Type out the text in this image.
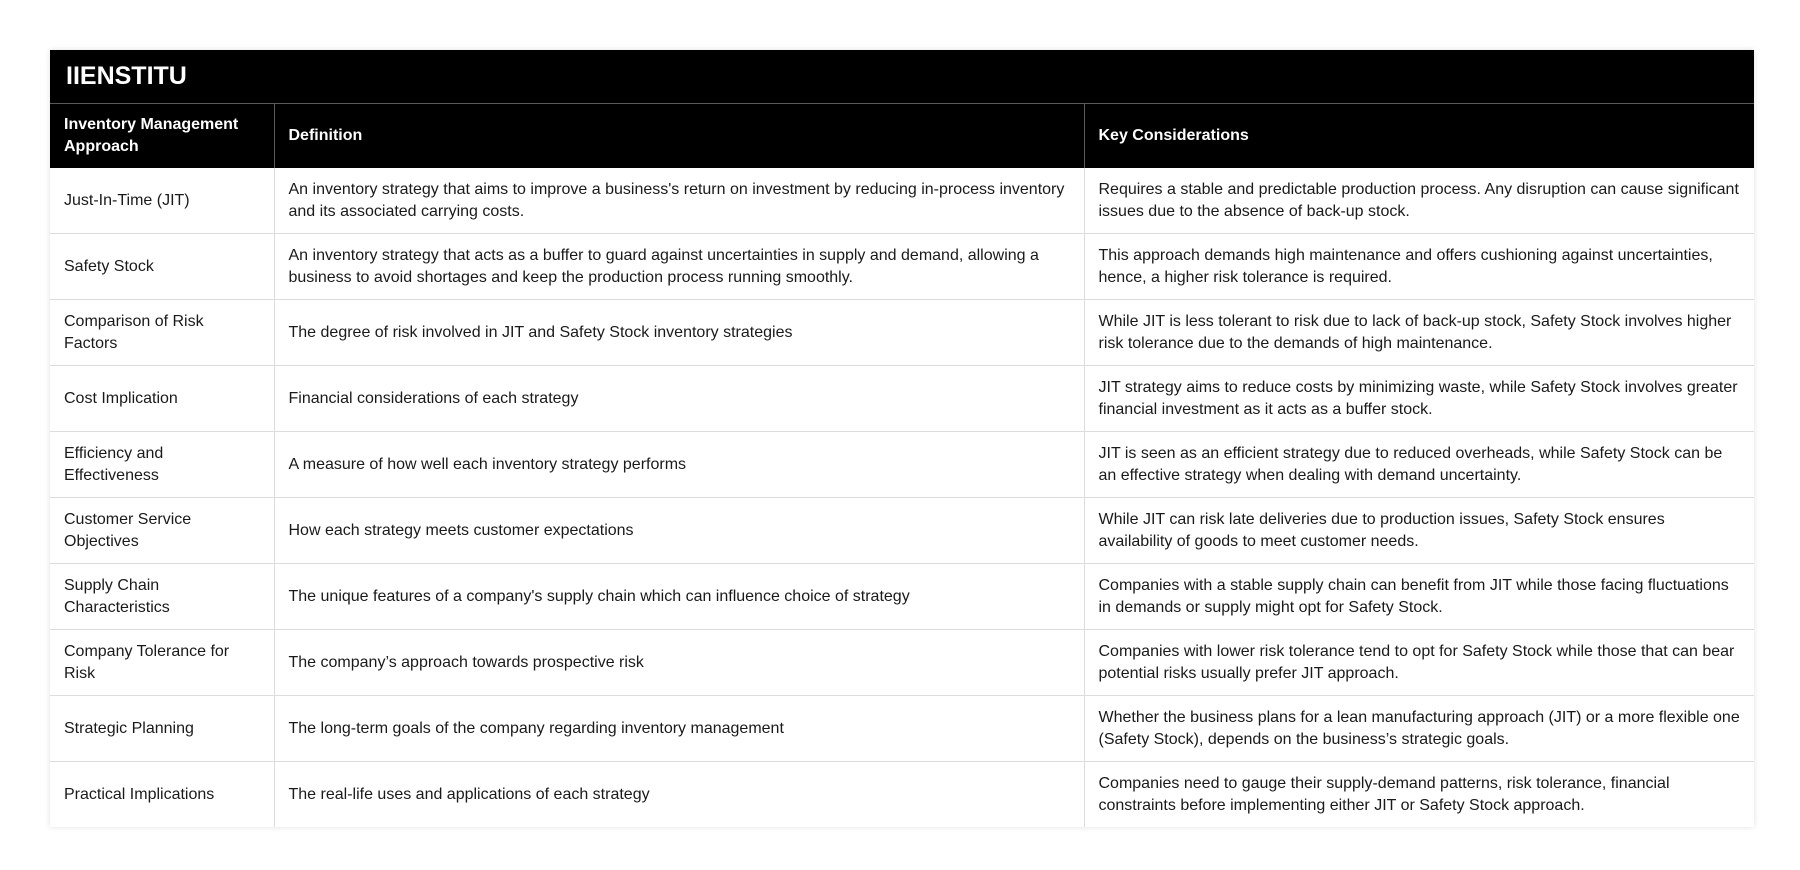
IIENSTITU
Inventory Management Approach	Definition	Key Considerations
Just-In-Time (JIT)	An inventory strategy that aims to improve a business's return on investment by reducing in-process inventory and its associated carrying costs.	Requires a stable and predictable production process. Any disruption can cause significant issues due to the absence of back-up stock.
Safety Stock	An inventory strategy that acts as a buffer to guard against uncertainties in supply and demand, allowing a business to avoid shortages and keep the production process running smoothly.	This approach demands high maintenance and offers cushioning against uncertainties, hence, a higher risk tolerance is required.
Comparison of Risk Factors	The degree of risk involved in JIT and Safety Stock inventory strategies	While JIT is less tolerant to risk due to lack of back-up stock, Safety Stock involves higher risk tolerance due to the demands of high maintenance.
Cost Implication	Financial considerations of each strategy	JIT strategy aims to reduce costs by minimizing waste, while Safety Stock involves greater financial investment as it acts as a buffer stock.
Efficiency and Effectiveness	A measure of how well each inventory strategy performs	JIT is seen as an efficient strategy due to reduced overheads, while Safety Stock can be an effective strategy when dealing with demand uncertainty.
Customer Service Objectives	How each strategy meets customer expectations	While JIT can risk late deliveries due to production issues, Safety Stock ensures availability of goods to meet customer needs.
Supply Chain Characteristics	The unique features of a company's supply chain which can influence choice of strategy	Companies with a stable supply chain can benefit from JIT while those facing fluctuations in demands or supply might opt for Safety Stock.
Company Tolerance for Risk	The company’s approach towards prospective risk	Companies with lower risk tolerance tend to opt for Safety Stock while those that can bear potential risks usually prefer JIT approach.
Strategic Planning	The long-term goals of the company regarding inventory management	Whether the business plans for a lean manufacturing approach (JIT) or a more flexible one (Safety Stock), depends on the business’s strategic goals.
Practical Implications	The real-life uses and applications of each strategy	Companies need to gauge their supply-demand patterns, risk tolerance, financial constraints before implementing either JIT or Safety Stock approach.
